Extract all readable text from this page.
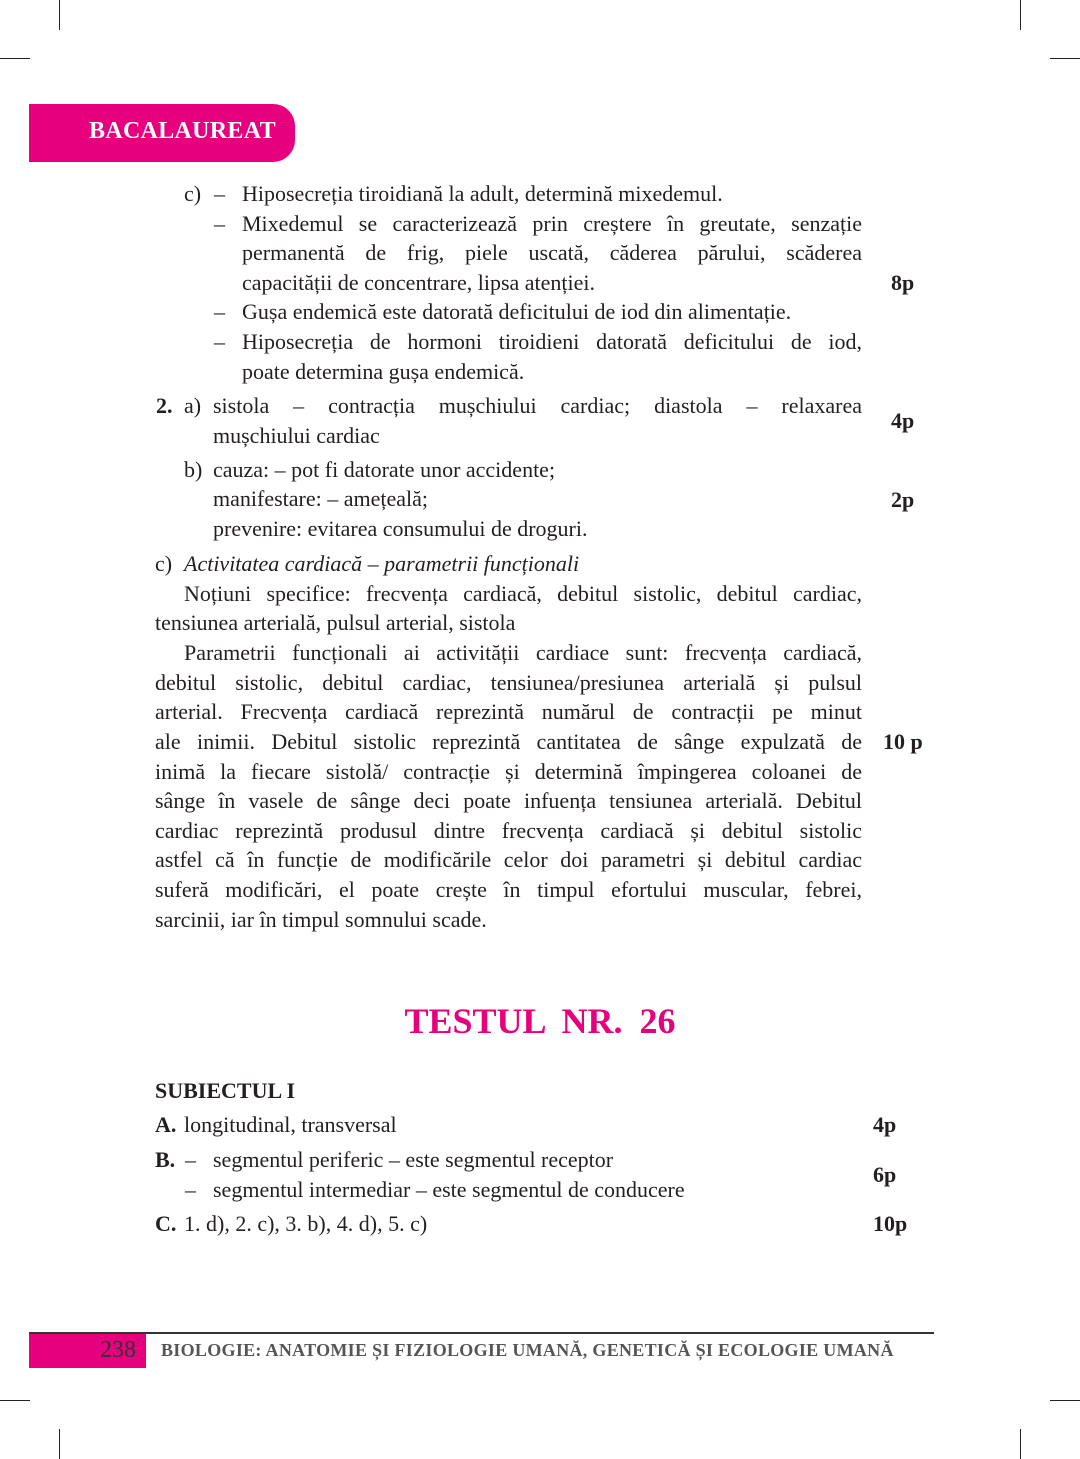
BACALAUREAT
c) – Hiposecreția tiroidiană la adult, determină mixedemul.
– Mixedemul se caracterizează prin creștere în greutate, senzație
permanentă de frig, piele uscată, căderea părului, scăderea
capacității de concentrare, lipsa atenției.	8p
– Gușa endemică este datorată deficitului de iod din alimentație.
– Hiposecreția de hormoni tiroidieni datorată deficitului de iod,
poate determina gușa endemică.
2. a) sistola – contracția mușchiului cardiac; diastola – relaxarea
mușchiului cardiac
4p
b) cauza: – pot fi datorate unor accidente;
manifestare: – amețeală;
prevenire: evitarea consumului de droguri.
2p
c) Activitatea cardiacă – parametrii funcționali
Noțiuni specifice: frecvența cardiacă, debitul sistolic, debitul cardiac,
tensiunea arterială, pulsul arterial, sistola
Parametrii funcționali ai activității cardiace sunt: frecvența cardiacă,
debitul sistolic, debitul cardiac, tensiunea/presiunea arterială și pulsul
arterial. Frecvența cardiacă reprezintă numărul de contracții pe minut
ale inimii. Debitul sistolic reprezintă cantitatea de sânge expulzată de
inimă la fiecare sistolă/ contracție și determină împingerea coloanei de
sânge în vasele de sânge deci poate infuența tensiunea arterială. Debitul
cardiac reprezintă produsul dintre frecvența cardiacă și debitul sistolic
astfel că în funcție de modificările celor doi parametri și debitul cardiac
suferă modificări, el poate crește în timpul efortului muscular, febrei,
sarcinii, iar în timpul somnului scade.
10 p
TESTUL NR. 26
SUBIECTUL I
A. longitudinal, transversal	4p
B. – segmentul periferic – este segmentul receptor
– segmentul intermediar – este segmentul de conducere
6p
C. 1. d), 2. c), 3. b), 4. d), 5. c)	10p
238 BIOLOGIE: ANATOMIE ȘI FIZIOLOGIE UMANĂ, GENETICĂ ȘI ECOLOGIE UMANĂ
